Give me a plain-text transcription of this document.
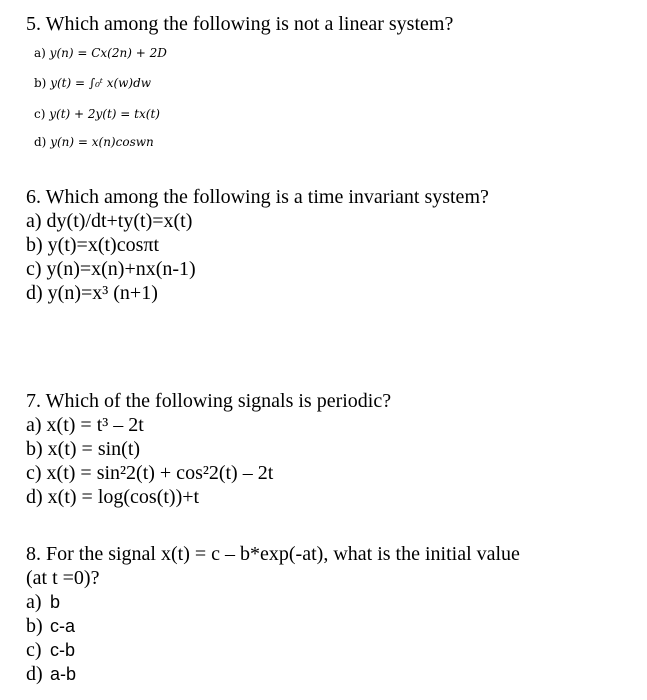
5. Which among the following is not a linear system?

a) y(n) = Cx(2n) + 2D
b) y(t) = ∫₀ᵗ x(w)dw
c) y(t) + 2y(t) = tx(t)
d) y(n) = x(n)coswn

6. Which among the following is a time invariant system?

a) dy(t)/dt+ty(t)=x(t)
b) y(t)=x(t)cosπt
c) y(n)=x(n)+nx(n-1)
d) y(n)=x³ (n+1)

7. Which of the following signals is periodic?

a) x(t) = t³ – 2t
b) x(t) = sin(t)
c) x(t) = sin²2(t) + cos²2(t) – 2t
d) x(t) = log(cos(t))+t

8. For the signal x(t) = c – b*exp(-at), what is the initial value

(at t =0)?

a) b
b) c-a
c) c-b
d) a-b
